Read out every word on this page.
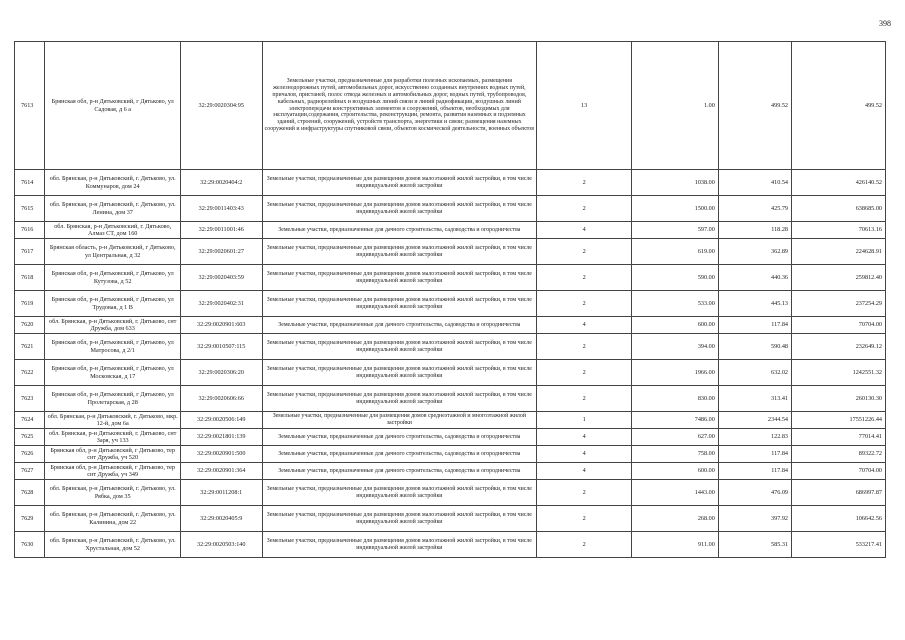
398
7613	Брянская обл, р-н Дятьковский, г Дятьково, ул Садовая, д 6 а	32:29:0020304:95	Земельные участки, предназначенные для разработки полезных ископаемых, размещения железнодорожных путей, автомобильных дорог, искусственно созданных внутренних водных путей, причалов, пристаней, полос отвода железных и автомобильных дорог, водных путей, трубопроводов, кабельных, радиорелейных и воздушных линий связи и линий радиофикации, воздушных линий электропередачи конструктивных элементов и сооружений, объектов, необходимых для эксплуатации,содержания, строительства, реконструкции, ремонта, развития наземных и подземных зданий, строений, сооружений, устройств транспорта, энергетики и связи; размещения наземных сооружений и инфраструктуры спутниковой связи, объектов космической деятельности, военных объектов	13	1.00	499.52	499.52
7614	обл. Брянская, р-н Дятьковский, г. Дятьково, ул. Коммунаров, дом 24	32:29:0020404:2	Земельные участки, предназначенные для размещения домов малоэтажной жилой застройки, в том числе индивидуальной жилой застройки	2	1038.00	410.54	426140.52
7615	обл. Брянская, р-н Дятьковский, г. Дятьково, ул. Ленина, дом 37	32:29:0011403:43	Земельные участки, предназначенные для размещения домов малоэтажной жилой застройки, в том числе индивидуальной жилой застройки	2	1500.00	425.79	638685.00
7616	обл. Брянская, р-н Дятьковский, г. Дятьково, Алмаз СТ, дом 160	32:29:0011001:46	Земельные участки, предназначенные для дачного строительства, садоводства и огородничества	4	597.00	118.28	70613.16
7617	Брянская область, р-н Дятьковский, г Дятьково, ул Центральная, д 32	32:29:0020601:27	Земельные участки, предназначенные для размещения домов малоэтажной жилой застройки, в том числе индивидуальной жилой застройки	2	619.00	362.89	224628.91
7618	Брянская обл, р-н Дятьковский, г Дятьково, ул Кутузова, д 52	32:29:0020403:59	Земельные участки, предназначенные для размещения домов малоэтажной жилой застройки, в том числе индивидуальной жилой застройки	2	590.00	440.36	259812.40
7619	Брянская обл, р-н Дятьковский, г Дятьково, ул Трудовая, д 1 В	32:29:0020402:31	Земельные участки, предназначенные для размещения домов малоэтажной жилой застройки, в том числе индивидуальной жилой застройки	2	533.00	445.13	237254.29
7620	обл. Брянская, р-н Дятьковский, г. Дятьково, снт Дружба, дом 633	32:29:0020901:603	Земельные участки, предназначенные для дачного строительства, садоводства и огородничества	4	600.00	117.84	70704.00
7621	Брянская обл, р-н Дятьковский, г Дятьково, ул Матросова, д 2/1	32:29:0010507:115	Земельные участки, предназначенные для размещения домов малоэтажной жилой застройки, в том числе индивидуальной жилой застройки	2	394.00	590.48	232649.12
7622	Брянская обл, р-н Дятьковский, г Дятьково, ул Московская, д 17	32:29:0020306:20	Земельные участки, предназначенные для размещения домов малоэтажной жилой застройки, в том числе индивидуальной жилой застройки	2	1966.00	632.02	1242551.32
7623	Брянская обл, р-н Дятьковский, г Дятьково, ул Пролетарская, д 28	32:29:0020606:66	Земельные участки, предназначенные для размещения домов малоэтажной жилой застройки, в том числе индивидуальной жилой застройки	2	830.00	313.41	260130.30
7624	обл. Брянская, р-н Дятьковский, г. Дятьково, мкр. 12-й, дом 6а	32:29:0020506:149	Земельные участки, предназначенные для размещения домов среднеэтажной и многоэтажной жилой застройки	1	7486.00	2344.54	17551226.44
7625	обл. Брянская, р-н Дятьковский, г. Дятьково, снт Заря, уч 133	32:29:0021801:139	Земельные участки, предназначенные для дачного строительства, садоводства и огородничества	4	627.00	122.83	77014.41
7626	Брянская обл, р-н Дятьковский, г Дятьково, тер снт Дружба, уч 520	32:29:0020901:500	Земельные участки, предназначенные для дачного строительства, садоводства и огородничества	4	758.00	117.84	89322.72
7627	Брянская обл, р-н Дятьковский, г Дятьково, тер снт Дружба, уч 349	32:29:0020901:364	Земельные участки, предназначенные для дачного строительства, садоводства и огородничества	4	600.00	117.84	70704.00
7628	обл. Брянская, р-н Дятьковский, г. Дятьково, ул. Рябка, дом 35	32:29:0011208:1	Земельные участки, предназначенные для размещения домов малоэтажной жилой застройки, в том числе индивидуальной жилой застройки	2	1443.00	476.09	686997.87
7629	обл. Брянская, р-н Дятьковский, г. Дятьково, ул. Калинина, дом 22	32:29:0020405:9	Земельные участки, предназначенные для размещения домов малоэтажной жилой застройки, в том числе индивидуальной жилой застройки	2	268.00	397.92	106642.56
7630	обл. Брянская, р-н Дятьковский, г. Дятьково, ул. Хрустальная, дом 52	32:29:0020503:140	Земельные участки, предназначенные для размещения домов малоэтажной жилой застройки, в том числе индивидуальной жилой застройки	2	911.00	585.31	533217.41
